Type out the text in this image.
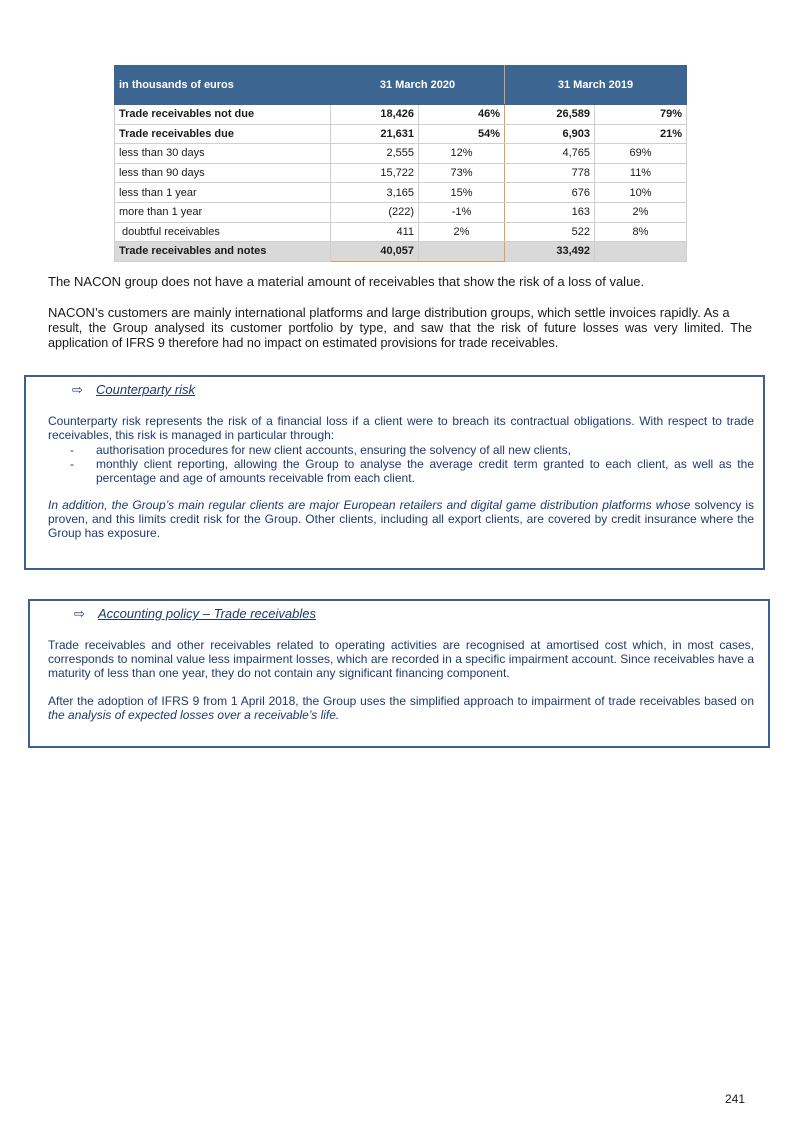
in thousands of euros	31 March 2020		31 March 2019	
Trade receivables not due	18,426	46%	26,589	79%
Trade receivables due	21,631	54%	6,903	21%
less than 30 days	2,555	12%	4,765	69%
less than 90 days	15,722	73%	778	11%
less than 1 year	3,165	15%	676	10%
more than 1 year	(222)	-1%	163	2%
doubtful receivables	411	2%	522	8%
Trade receivables and notes	40,057		33,492	

The NACON group does not have a material amount of receivables that show the risk of a loss of value.

NACON’s customers are mainly international platforms and large distribution groups, which settle invoices rapidly. As a

result, the Group analysed its customer portfolio by type, and saw that the risk of future losses was very limited. The application of IFRS 9 therefore had no impact on estimated provisions for trade receivables.

⇨ Counterparty risk

Counterparty risk represents the risk of a financial loss if a client were to breach its contractual obligations. With respect to trade receivables, this risk is managed in particular through:

- authorisation procedures for new client accounts, ensuring the solvency of all new clients,
- monthly client reporting, allowing the Group to analyse the average credit term granted to each client, as well as the percentage and age of amounts receivable from each client.

In addition, the Group’s main regular clients are major European retailers and digital game distribution platforms whose solvency is proven, and this limits credit risk for the Group. Other clients, including all export clients, are covered by credit insurance where the Group has exposure.

⇨ Accounting policy – Trade receivables

Trade receivables and other receivables related to operating activities are recognised at amortised cost which, in most cases, corresponds to nominal value less impairment losses, which are recorded in a specific impairment account. Since receivables have a maturity of less than one year, they do not contain any significant financing component.

After the adoption of IFRS 9 from 1 April 2018, the Group uses the simplified approach to impairment of trade receivables based on the analysis of expected losses over a receivable’s life.

241
